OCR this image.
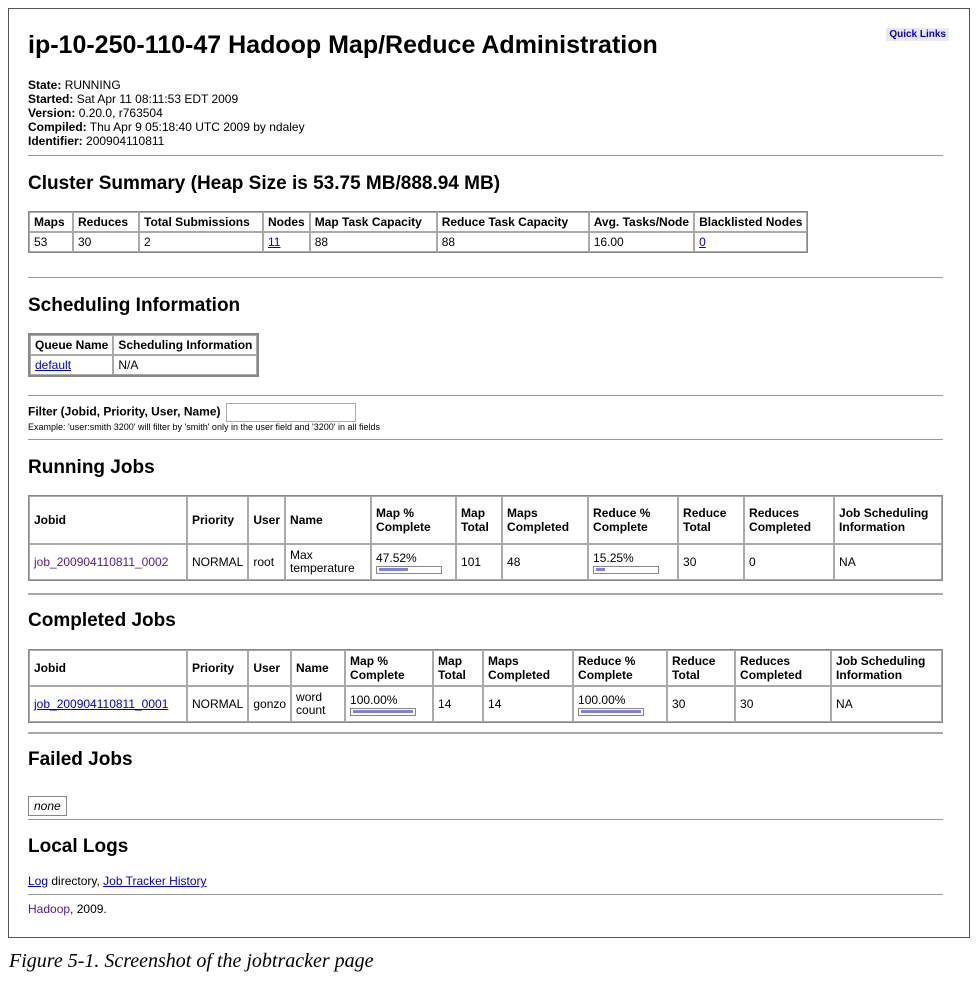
Quick Links
ip-10-250-110-47 Hadoop Map/Reduce Administration
State: RUNNING
Started: Sat Apr 11 08:11:53 EDT 2009
Version: 0.20.0, r763504
Compiled: Thu Apr 9 05:18:40 UTC 2009 by ndaley
Identifier: 200904110811
Cluster Summary (Heap Size is 53.75 MB/888.94 MB)
Maps	Reduces	Total Submissions	Nodes	Map Task Capacity	Reduce Task Capacity	Avg. Tasks/Node	Blacklisted Nodes
53	30	2	11	88	88	16.00	0
Scheduling Information
Queue Name	Scheduling Information
default	N/A
Filter (Jobid, Priority, User, Name)
Example: 'user:smith 3200' will filter by 'smith' only in the user field and '3200' in all fields
Running Jobs
Jobid	Priority	User	Name	Map % Complete	Map Total	Maps Completed	Reduce % Complete	Reduce Total	Reduces Completed	Job Scheduling Information
job_200904110811_0002	NORMAL	root	Max temperature	47.52%	101	48	15.25%	30	0	NA
Completed Jobs
Jobid	Priority	User	Name	Map % Complete	Map Total	Maps Completed	Reduce % Complete	Reduce Total	Reduces Completed	Job Scheduling Information
job_200904110811_0001	NORMAL	gonzo	word count	100.00%	14	14	100.00%	30	30	NA
Failed Jobs
none
Local Logs
Log directory, Job Tracker History
Hadoop, 2009.
Figure 5-1. Screenshot of the jobtracker page
